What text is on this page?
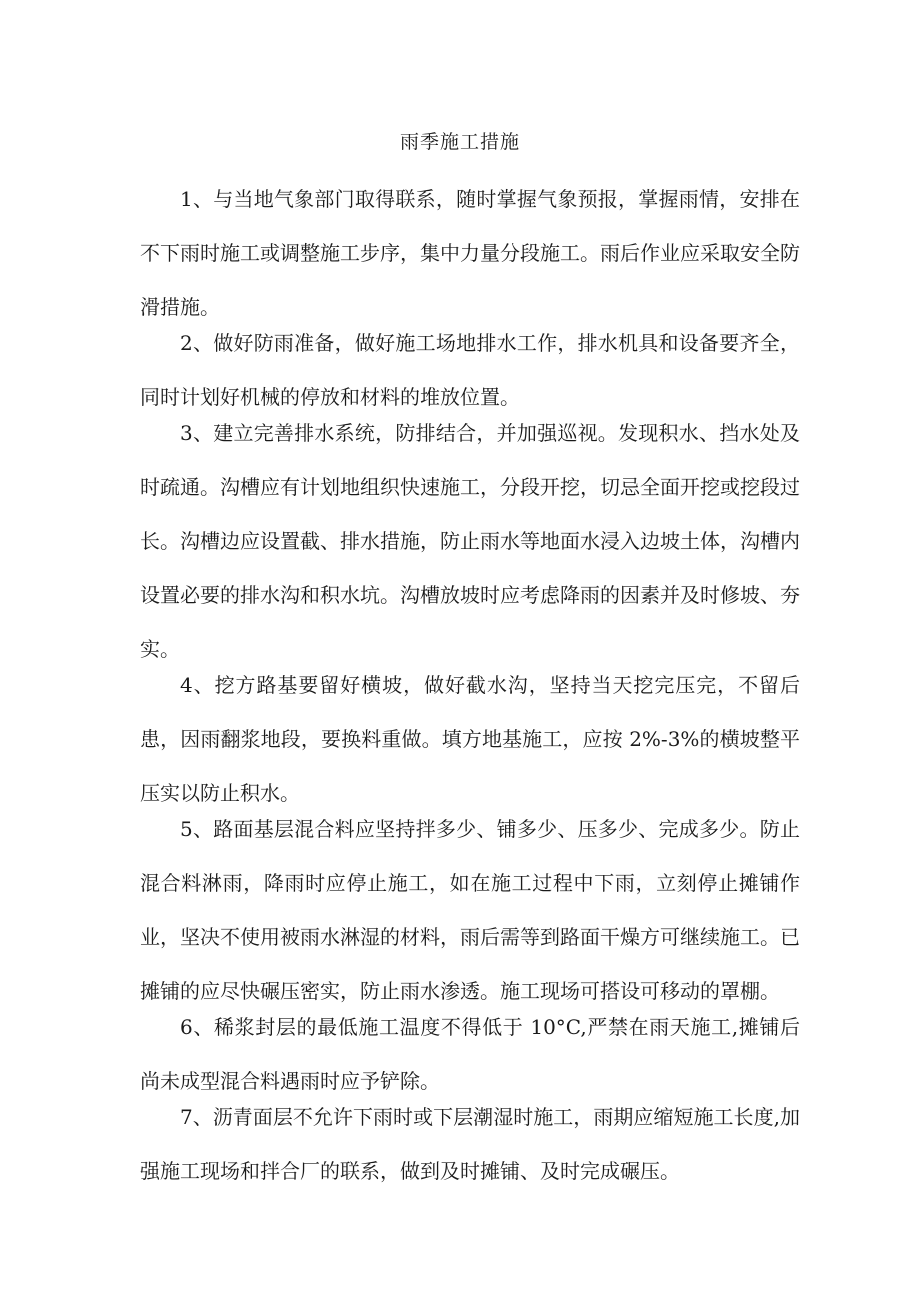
雨季施工措施

1、与当地气象部门取得联系，随时掌握气象预报，掌握雨情，安排在不下雨时施工或调整施工步序，集中力量分段施工。雨后作业应采取安全防滑措施。

2、做好防雨准备，做好施工场地排水工作，排水机具和设备要齐全，同时计划好机械的停放和材料的堆放位置。

3、建立完善排水系统，防排结合，并加强巡视。发现积水、挡水处及时疏通。沟槽应有计划地组织快速施工，分段开挖，切忌全面开挖或挖段过长。沟槽边应设置截、排水措施，防止雨水等地面水浸入边坡土体，沟槽内设置必要的排水沟和积水坑。沟槽放坡时应考虑降雨的因素并及时修坡、夯实。

4、挖方路基要留好横坡，做好截水沟，坚持当天挖完压完，不留后患，因雨翻浆地段，要换料重做。填方地基施工，应按 2%-3%的横坡整平压实以防止积水。

5、路面基层混合料应坚持拌多少、铺多少、压多少、完成多少。防止混合料淋雨，降雨时应停止施工，如在施工过程中下雨，立刻停止摊铺作业，坚决不使用被雨水淋湿的材料，雨后需等到路面干燥方可继续施工。已摊铺的应尽快碾压密实，防止雨水渗透。施工现场可搭设可移动的罩棚。

6、稀浆封层的最低施工温度不得低于 10°C,严禁在雨天施工,摊铺后尚未成型混合料遇雨时应予铲除。

7、沥青面层不允许下雨时或下层潮湿时施工，雨期应缩短施工长度,加强施工现场和拌合厂的联系，做到及时摊铺、及时完成碾压。
